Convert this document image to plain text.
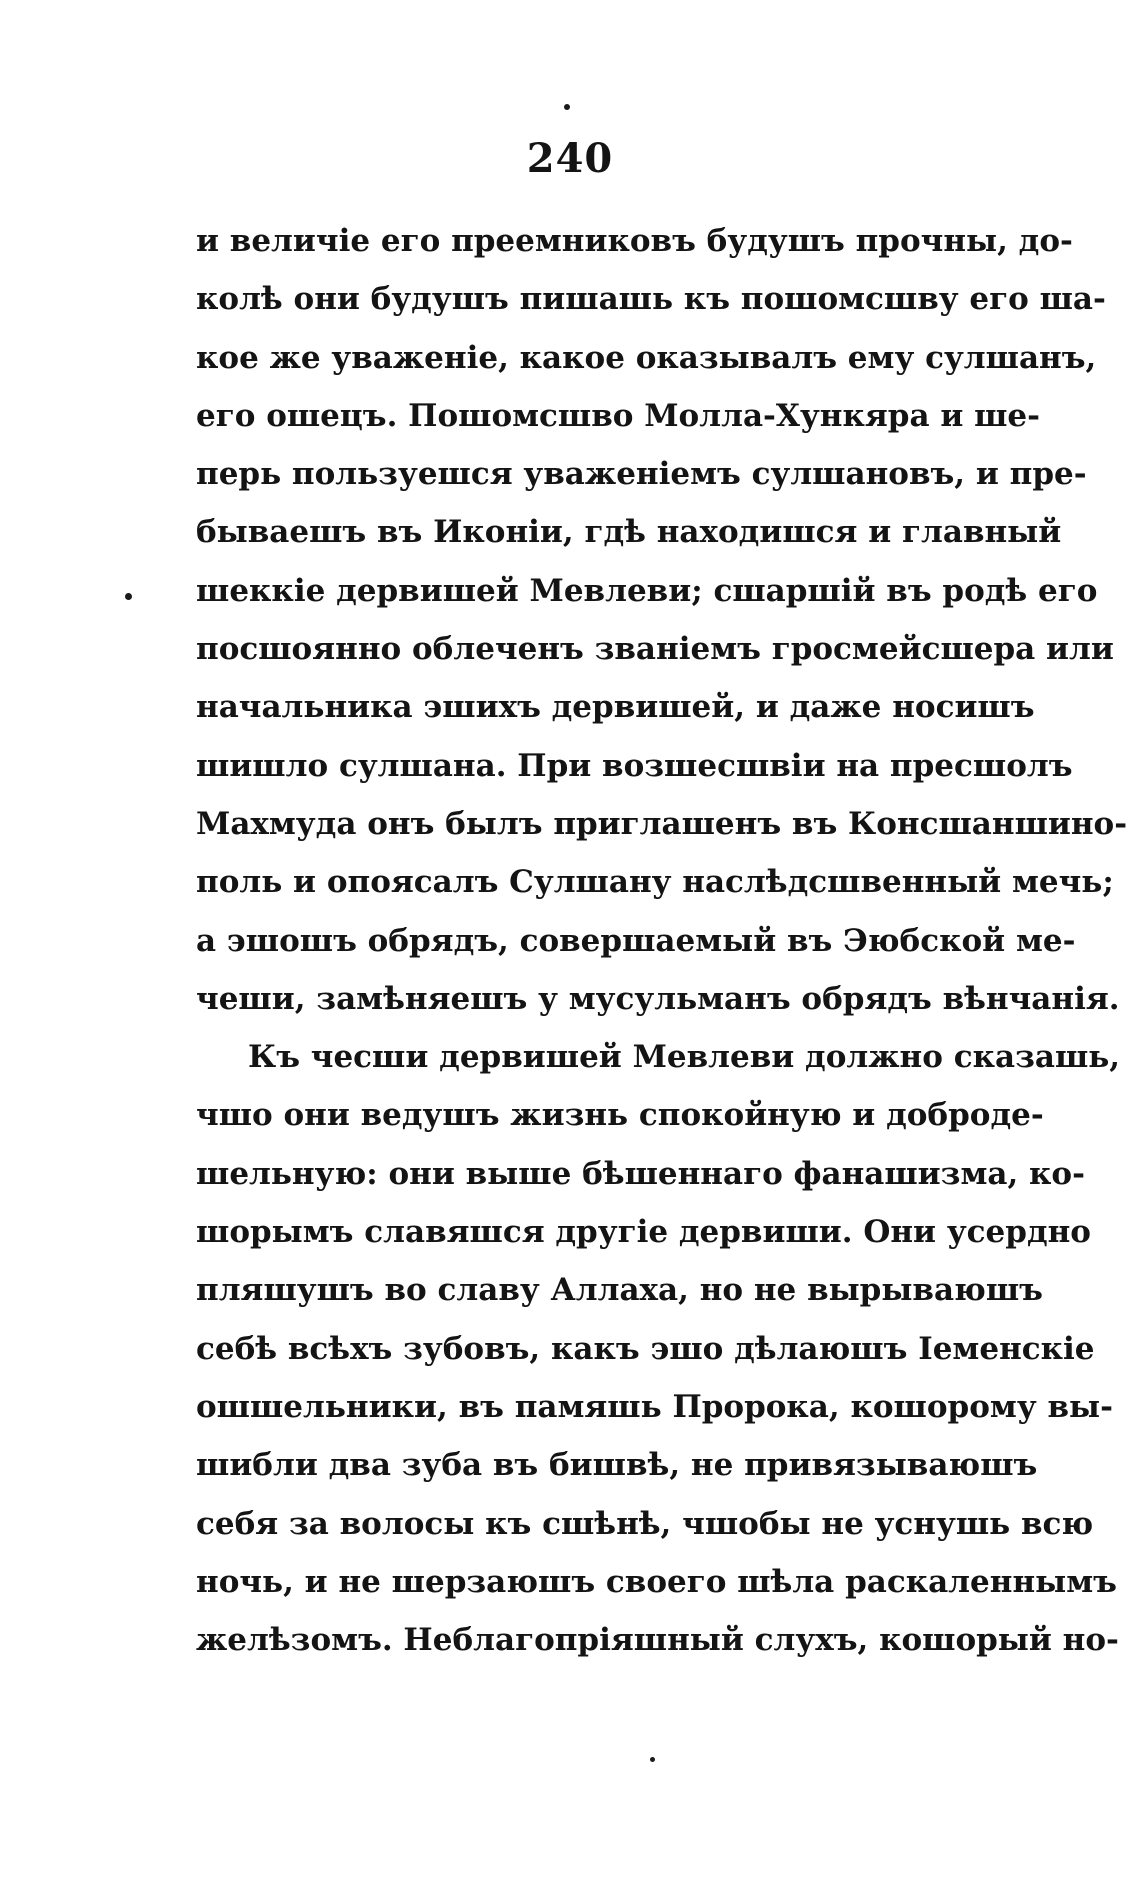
240
и величіе его преемниковъ будушъ прочны, до-
колѣ они будушъ пишашь къ пошомсшву его ша-
кое же уваженіе, какое оказывалъ ему сулшанъ,
его ошецъ. Пошомсшво Молла-Хункяра и ше-
перь пользуешся уваженіемъ сулшановъ, и пре-
бываешъ въ Иконіи, гдѣ находишся и главный
шеккіе дервишей Мевлеви; сшаршій въ родѣ его
посшоянно облеченъ званіемъ гросмейсшера или
начальника эшихъ дервишей, и даже носишъ
шишло сулшана. При возшесшвіи на пресшолъ
Махмуда онъ былъ приглашенъ въ Консшаншино-
поль и опоясалъ Сулшану наслѣдсшвенный мечь;
а эшошъ обрядъ, совершаемый въ Эюбской ме-
чеши, замѣняешъ у мусульманъ обрядъ вѣнчанія.
Къ чесши дервишей Мевлеви должно сказашь,
чшо они ведушъ жизнь спокойную и доброде-
шельную: они выше бѣшеннаго фанашизма, ко-
шорымъ славяшся другіе дервиши. Они усердно
пляшушъ во славу Аллаха, но не вырываюшъ
себѣ всѣхъ зубовъ, какъ эшо дѣлаюшъ Іеменскіе
ошшельники, въ памяшь Пророка, кошорому вы-
шибли два зуба въ бишвѣ, не привязываюшъ
себя за волосы къ сшѣнѣ, чшобы не уснушь всю
ночь, и не шерзаюшъ своего шѣла раскаленнымъ
желѣзомъ. Неблагопріяшный слухъ, кошорый но-
